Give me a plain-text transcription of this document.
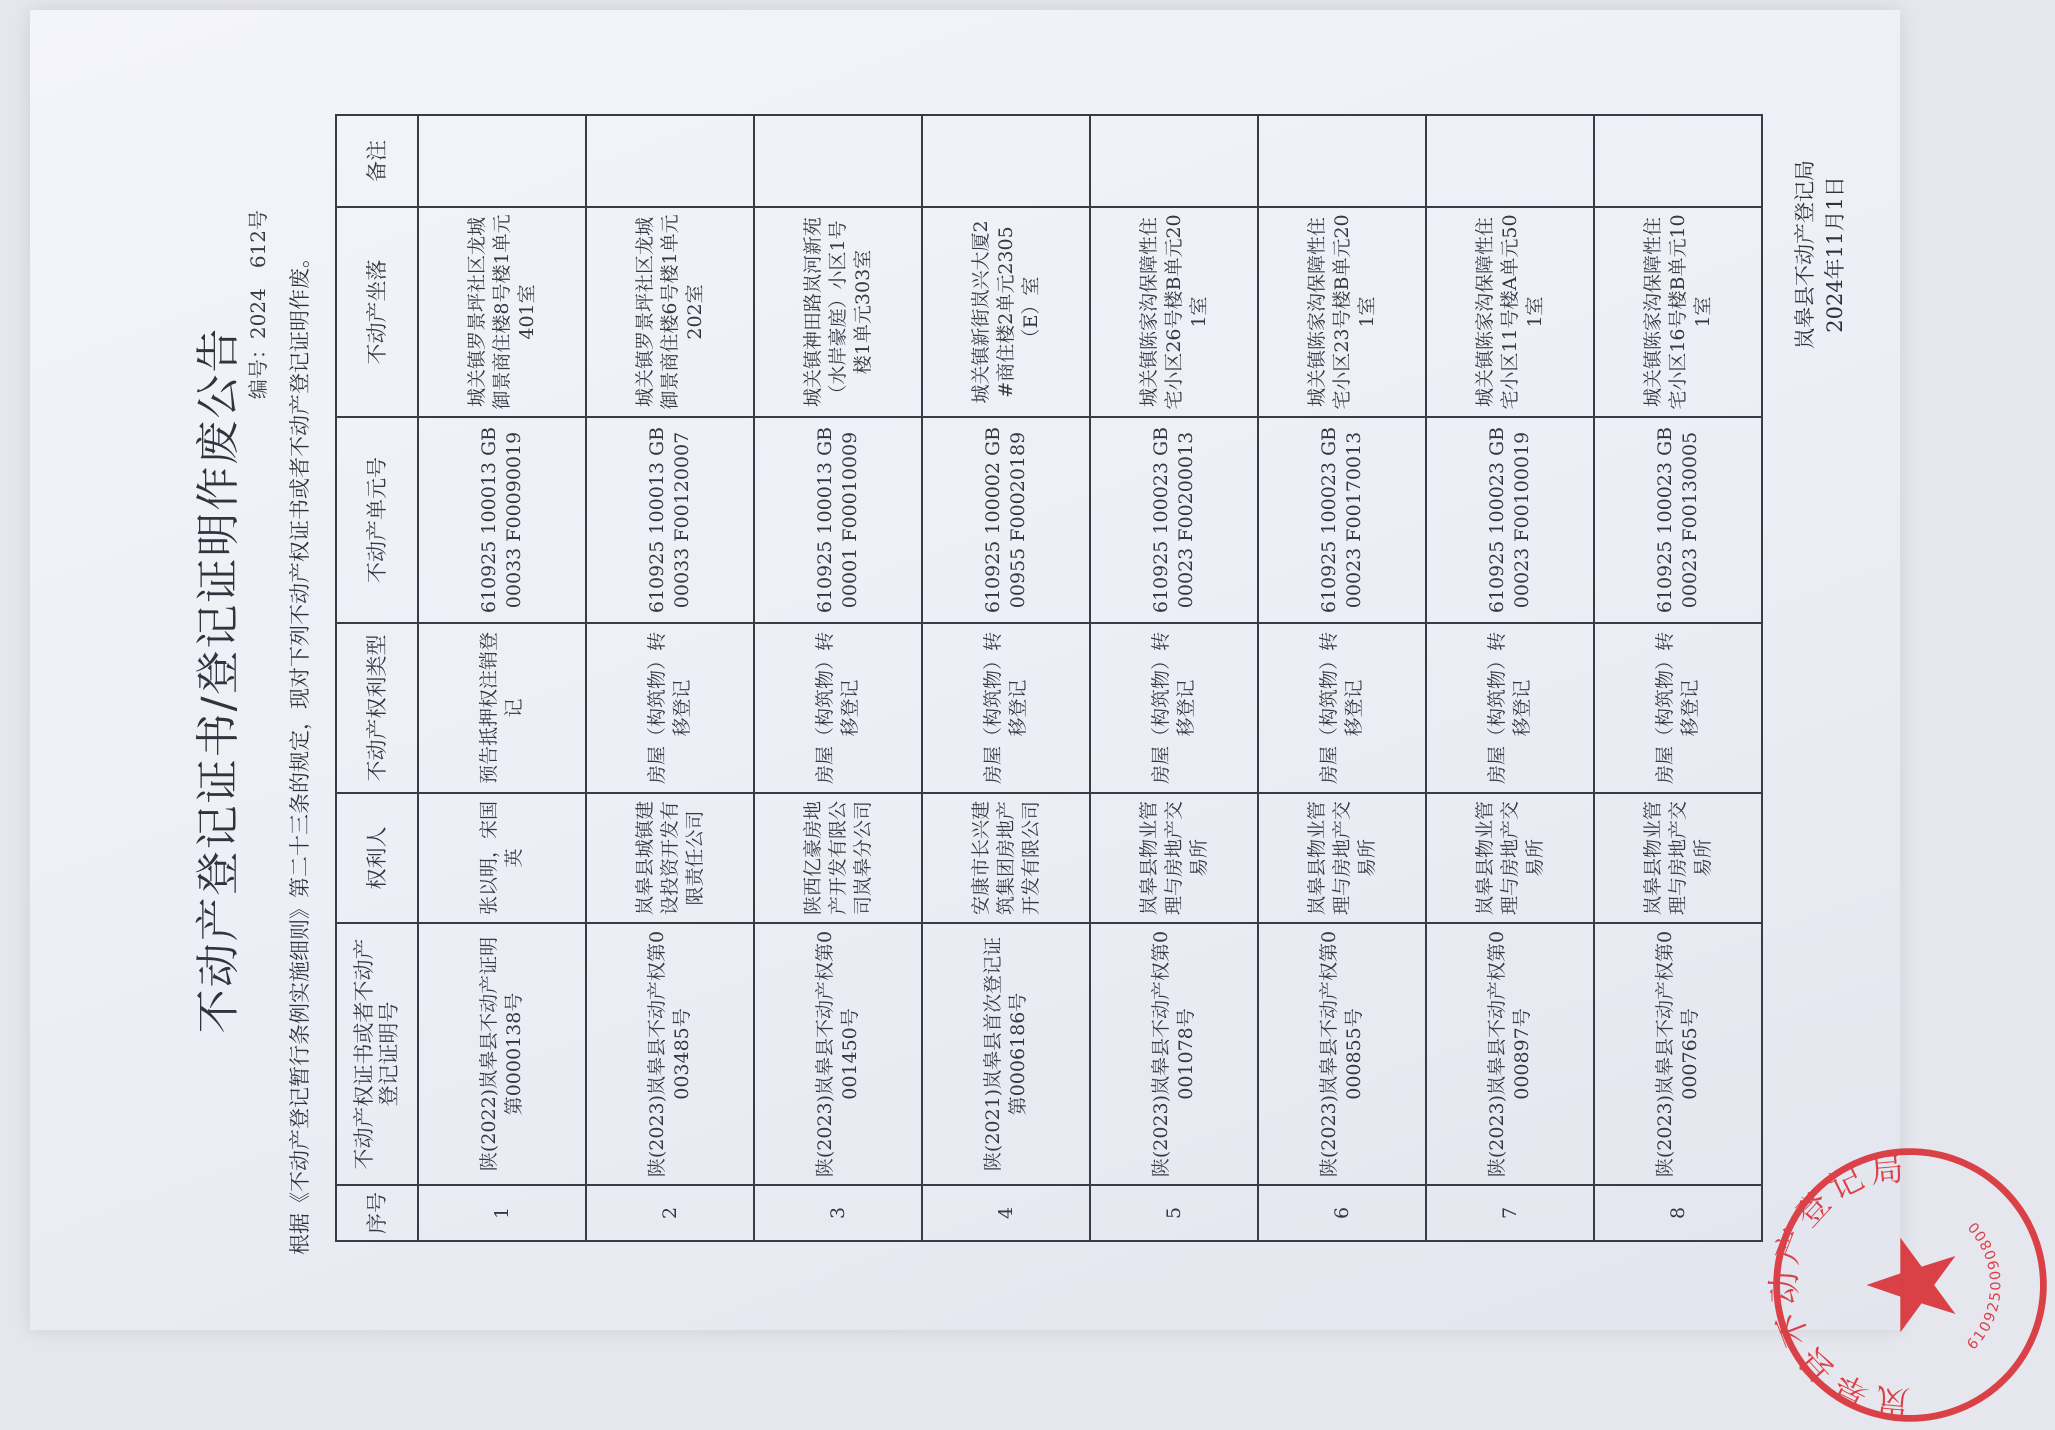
不动产登记证书/登记证明作废公告
编号：2024　612号 根据《不动产登记暂行条例实施细则》第二十三条的规定，现对下列不动产权证书或者不动产登记证明作废。	序号	不动产权证书或者不动产登记证明号	权利人	不动产权利类型	不动产单元号	不动产坐落	备注
1	陕(2022)岚皋县不动产证明第0000138号	张以明，宋国英	预告抵押权注销登记	610925 100013 GB00033 F00090019	城关镇罗景坪社区龙城御景商住楼8号楼1单元401室	
2	陕(2023)岚皋县不动产权第0003485号	岚皋县城镇建设投资开发有限责任公司	房屋（构筑物）转移登记	610925 100013 GB00033 F00120007	城关镇罗景坪社区龙城御景商住楼6号楼1单元202室	
3	陕(2023)岚皋县不动产权第0001450号	陕西亿豪房地产开发有限公司岚皋分公司	房屋（构筑物）转移登记	610925 100013 GB00001 F00010009	城关镇神田路岚河新苑（水岸豪庭）小区1号楼1单元303室	
4	陕(2021)岚皋县首次登记证第0006186号	安康市长兴建筑集团房地产开发有限公司	房屋（构筑物）转移登记	610925 100002 GB00955 F00020189	城关镇新街岚兴大厦2#商住楼2单元2305（E）室	
5	陕(2023)岚皋县不动产权第0001078号	岚皋县物业管理与房地产交易所	房屋（构筑物）转移登记	610925 100023 GB00023 F00200013	城关镇陈家沟保障性住宅小区26号楼B单元201室	
6	陕(2023)岚皋县不动产权第0000855号	岚皋县物业管理与房地产交易所	房屋（构筑物）转移登记	610925 100023 GB00023 F00170013	城关镇陈家沟保障性住宅小区23号楼B单元201室	
7	陕(2023)岚皋县不动产权第0000897号	岚皋县物业管理与房地产交易所	房屋（构筑物）转移登记	610925 100023 GB00023 F00100019	城关镇陈家沟保障性住宅小区11号楼A单元501室	
8	陕(2023)岚皋县不动产权第0000765号	岚皋县物业管理与房地产交易所	房屋（构筑物）转移登记	610925 100023 GB00023 F00130005	城关镇陈家沟保障性住宅小区16号楼B单元101室		岚皋县不动产登记局 2024年11月1日
岚皋县不动产登记局
6109250090800
